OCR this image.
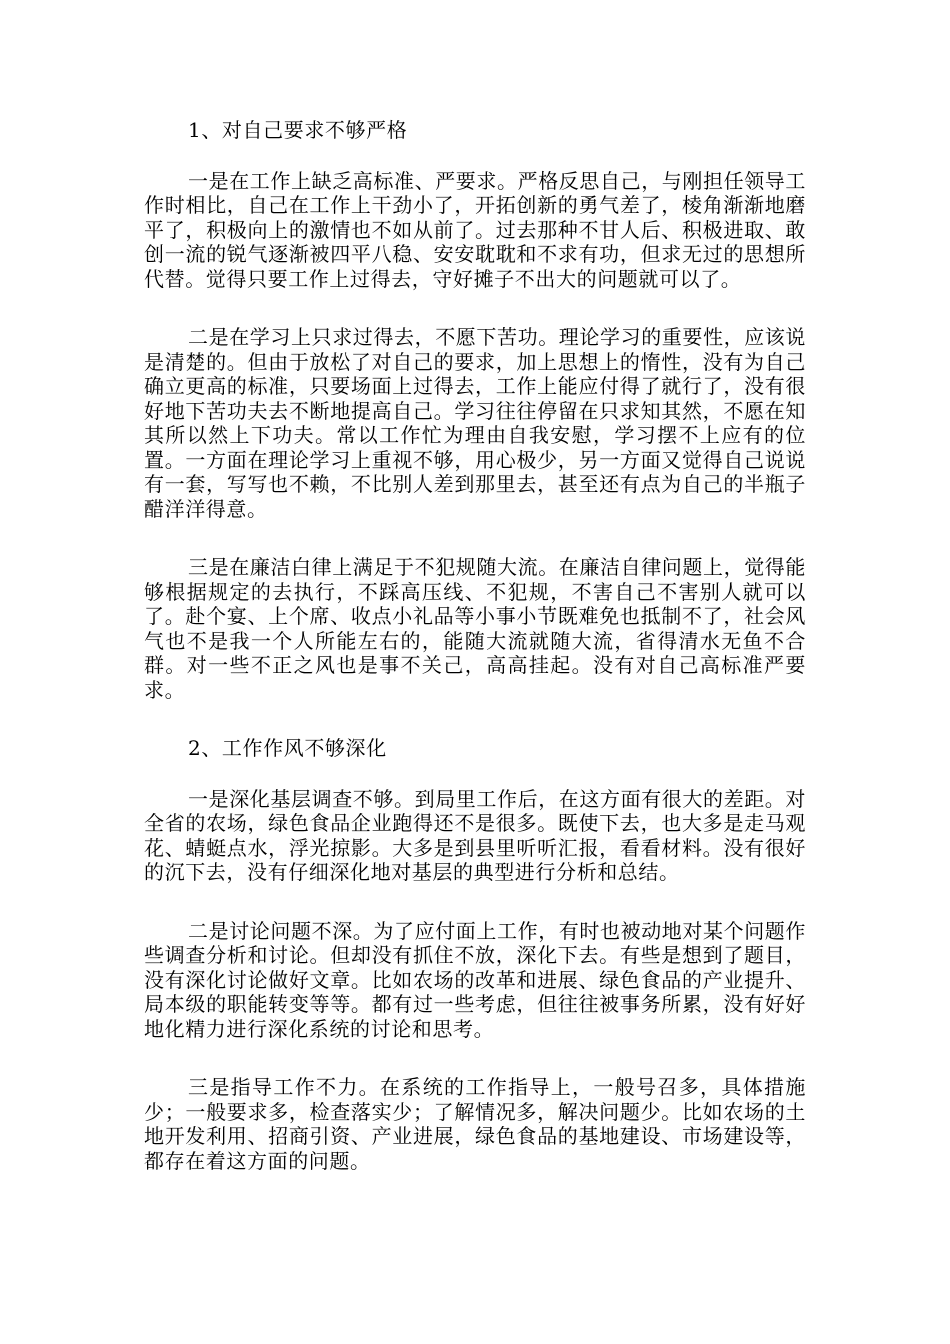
1、对自己要求不够严格

一是在工作上缺乏高标准、严要求。严格反思自己，与刚担任领导工作时相比，自己在工作上干劲小了，开拓创新的勇气差了，棱角渐渐地磨平了，积极向上的激情也不如从前了。过去那种不甘人后、积极进取、敢创一流的锐气逐渐被四平八稳、安安耽耽和不求有功，但求无过的思想所代替。觉得只要工作上过得去，守好摊子不出大的问题就可以了。

二是在学习上只求过得去，不愿下苦功。理论学习的重要性，应该说是清楚的。但由于放松了对自己的要求，加上思想上的惰性，没有为自己确立更高的标准，只要场面上过得去，工作上能应付得了就行了，没有很好地下苦功夫去不断地提高自己。学习往往停留在只求知其然，不愿在知其所以然上下功夫。常以工作忙为理由自我安慰，学习摆不上应有的位置。一方面在理论学习上重视不够，用心极少，另一方面又觉得自己说说有一套，写写也不赖，不比别人差到那里去，甚至还有点为自己的半瓶子醋洋洋得意。

三是在廉洁白律上满足于不犯规随大流。在廉洁自律问题上，觉得能够根据规定的去执行，不踩高压线、不犯规，不害自己不害别人就可以了。赴个宴、上个席、收点小礼品等小事小节既难免也抵制不了，社会风气也不是我一个人所能左右的，能随大流就随大流，省得清水无鱼不合群。对一些不正之风也是事不关己，高高挂起。没有对自己高标准严要求。

2、工作作风不够深化

一是深化基层调查不够。到局里工作后，在这方面有很大的差距。对全省的农场，绿色食品企业跑得还不是很多。既使下去，也大多是走马观花、蜻蜓点水，浮光掠影。大多是到县里听听汇报，看看材料。没有很好的沉下去，没有仔细深化地对基层的典型进行分析和总结。

二是讨论问题不深。为了应付面上工作，有时也被动地对某个问题作些调查分析和讨论。但却没有抓住不放，深化下去。有些是想到了题目，没有深化讨论做好文章。比如农场的改革和进展、绿色食品的产业提升、局本级的职能转变等等。都有过一些考虑，但往往被事务所累，没有好好地化精力进行深化系统的讨论和思考。

三是指导工作不力。在系统的工作指导上，一般号召多，具体措施少；一般要求多，检查落实少；了解情况多，解决问题少。比如农场的土地开发利用、招商引资、产业进展，绿色食品的基地建设、市场建设等，都存在着这方面的问题。
